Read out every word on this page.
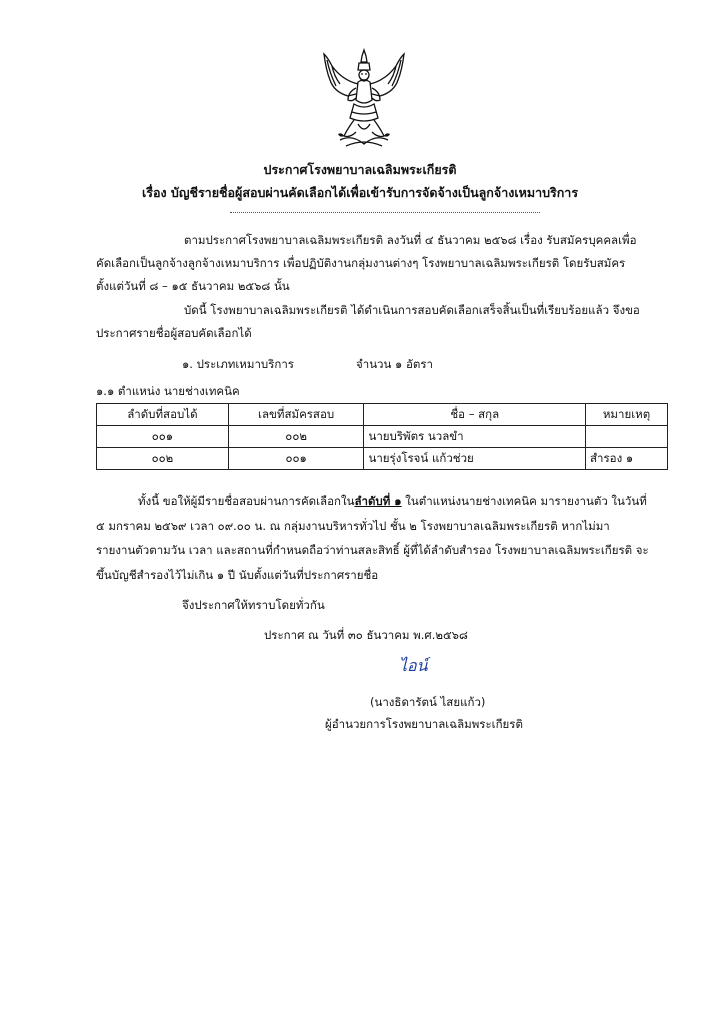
ประกาศโรงพยาบาลเฉลิมพระเกียรติ
เรื่อง บัญชีรายชื่อผู้สอบผ่านคัดเลือกได้เพื่อเข้ารับการจัดจ้างเป็นลูกจ้างเหมาบริการ
ตามประกาศโรงพยาบาลเฉลิมพระเกียรติ ลงวันที่ ๔ ธันวาคม ๒๕๖๘ เรื่อง รับสมัครบุคคลเพื่อ
คัดเลือกเป็นลูกจ้างลูกจ้างเหมาบริการ เพื่อปฏิบัติงานกลุ่มงานต่างๆ โรงพยาบาลเฉลิมพระเกียรติ โดยรับสมัคร
ตั้งแต่วันที่ ๘ – ๑๕ ธันวาคม ๒๕๖๘ นั้น
บัดนี้ โรงพยาบาลเฉลิมพระเกียรติ ได้ดำเนินการสอบคัดเลือกเสร็จสิ้นเป็นที่เรียบร้อยแล้ว จึงขอ
ประกาศรายชื่อผู้สอบคัดเลือกได้
๑. ประเภทเหมาบริการ	จำนวน ๑ อัตรา
๑.๑ ตำแหน่ง นายช่างเทคนิค
ลำดับที่สอบได้	เลขที่สมัครสอบ	ชื่อ – สกุล	หมายเหตุ
๐๐๑	๐๐๒	นายบริพัตร นวลขำ	
๐๐๒	๐๐๑	นายรุ่งโรจน์ แก้วช่วย	สำรอง ๑
ทั้งนี้ ขอให้ผู้มีรายชื่อสอบผ่านการคัดเลือกในลำดับที่ ๑ ในตำแหน่งนายช่างเทคนิค มารายงานตัว ในวันที่
๕ มกราคม ๒๕๖๙ เวลา ๐๙.๐๐ น. ณ กลุ่มงานบริหารทั่วไป ชั้น ๒ โรงพยาบาลเฉลิมพระเกียรติ หากไม่มา
รายงานตัวตามวัน เวลา และสถานที่กำหนดถือว่าท่านสละสิทธิ์ ผู้ที่ได้ลำดับสำรอง โรงพยาบาลเฉลิมพระเกียรติ จะ
ขึ้นบัญชีสำรองไว้ไม่เกิน ๑ ปี นับตั้งแต่วันที่ประกาศรายชื่อ
จึงประกาศให้ทราบโดยทั่วกัน
ประกาศ ณ วันที่ ๓๐ ธันวาคม พ.ศ.๒๕๖๘
ไอน์
(นางธิดารัตน์ ไสยแก้ว)
ผู้อำนวยการโรงพยาบาลเฉลิมพระเกียรติ
